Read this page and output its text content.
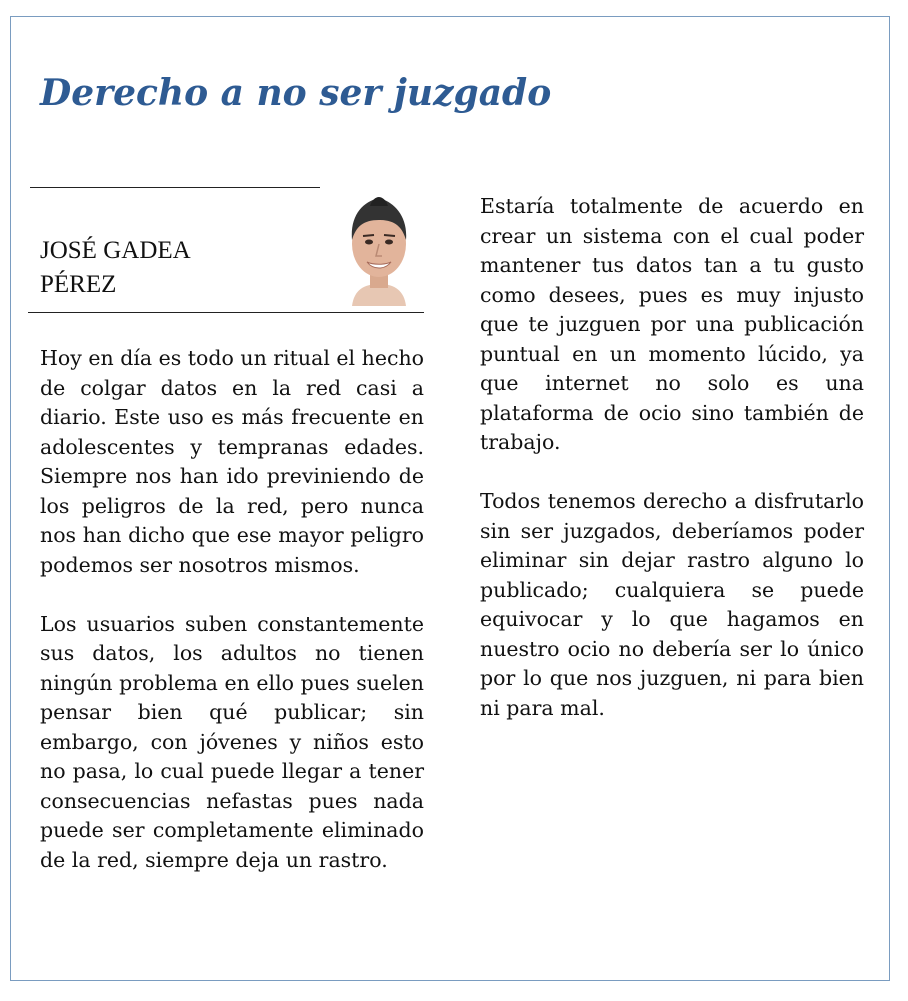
Derecho a no ser juzgado
JOSÉ GADEA
PÉREZ

Hoy en día es todo un ritual el hecho de colgar datos en la red casi a diario. Este uso es más frecuente en adolescentes y tempranas edades. Siempre nos han ido previniendo de los peligros de la red, pero nunca nos han dicho que ese mayor peligro podemos ser nosotros mismos.

Los usuarios suben constantemente sus datos, los adultos no tienen ningún problema en ello pues suelen pensar bien qué publicar; sin embargo, con jóvenes y niños esto no pasa, lo cual puede llegar a tener consecuencias nefastas pues nada puede ser completamente eliminado de la red, siempre deja un rastro.

Estaría totalmente de acuerdo en crear un sistema con el cual poder mantener tus datos tan a tu gusto como desees, pues es muy injusto que te juzguen por una publicación puntual en un momento lúcido, ya que internet no solo es una plataforma de ocio sino también de trabajo.

Todos tenemos derecho a disfrutarlo sin ser juzgados, deberíamos poder eliminar sin dejar rastro alguno lo publicado; cualquiera se puede equivocar y lo que hagamos en nuestro ocio no debería ser lo único por lo que nos juzguen, ni para bien ni para mal.
